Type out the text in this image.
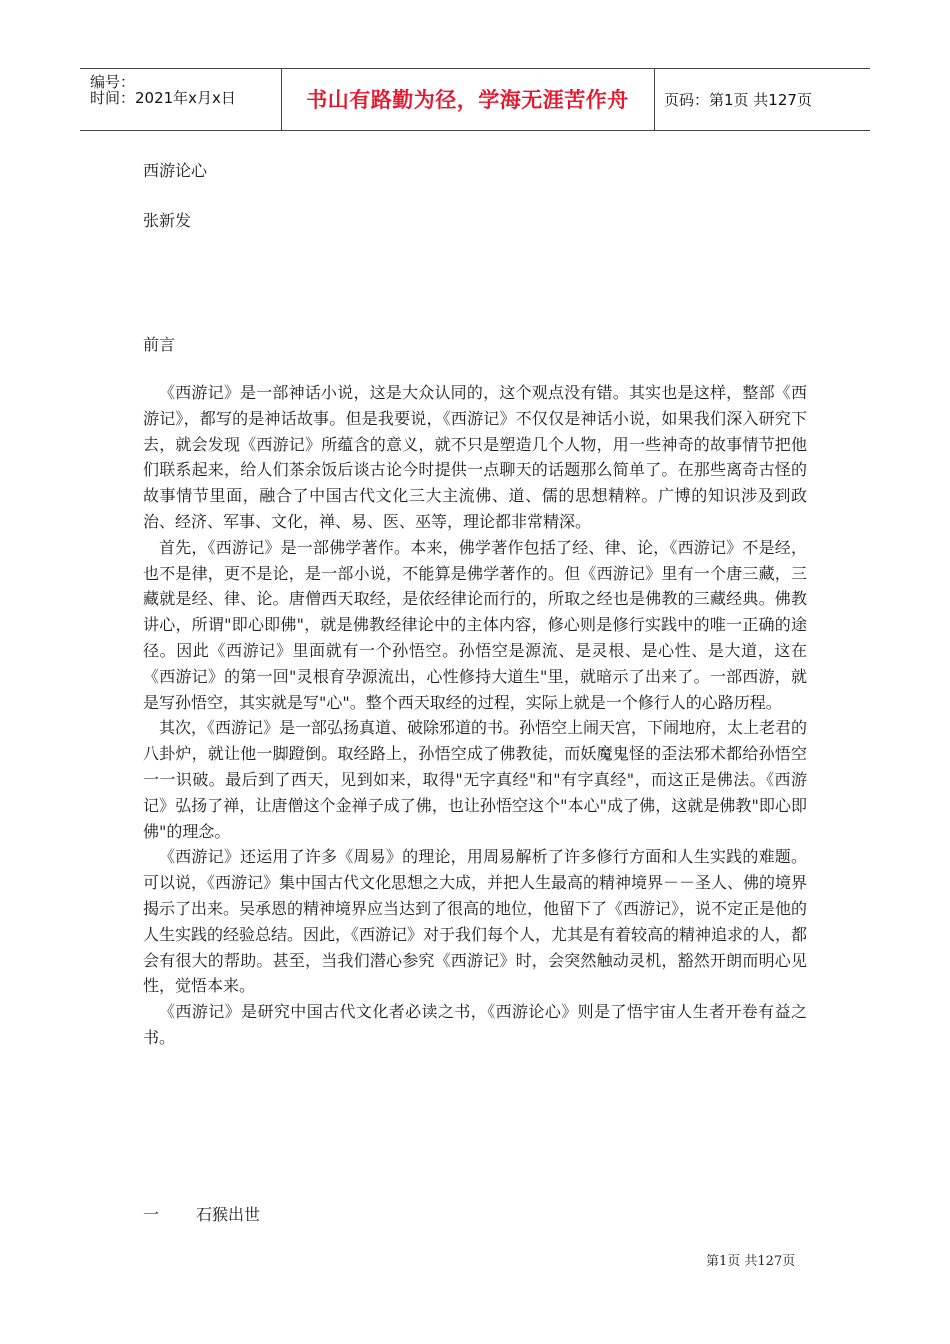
编号：
时间：2021年x月x日	书山有路勤为径，学海无涯苦作舟	页码：第1页 共127页
西游论心
张新发
前言

《西游记》是一部神话小说，这是大众认同的，这个观点没有错。其实也是这样，整部《西游记》，都写的是神话故事。但是我要说，《西游记》不仅仅是神话小说，如果我们深入研究下去，就会发现《西游记》所蕴含的意义，就不只是塑造几个人物，用一些神奇的故事情节把他们联系起来，给人们茶余饭后谈古论今时提供一点聊天的话题那么简单了。在那些离奇古怪的故事情节里面，融合了中国古代文化三大主流佛、道、儒的思想精粹。广博的知识涉及到政治、经济、军事、文化，禅、易、医、巫等，理论都非常精深。

首先，《西游记》是一部佛学著作。本来，佛学著作包括了经、律、论，《西游记》不是经，也不是律，更不是论，是一部小说，不能算是佛学著作的。但《西游记》里有一个唐三藏，三藏就是经、律、论。唐僧西天取经，是依经律论而行的，所取之经也是佛教的三藏经典。佛教讲心，所谓"即心即佛"，就是佛教经律论中的主体内容，修心则是修行实践中的唯一正确的途径。因此《西游记》里面就有一个孙悟空。孙悟空是源流、是灵根、是心性、是大道，这在《西游记》的第一回"灵根育孕源流出，心性修持大道生"里，就暗示了出来了。一部西游，就是写孙悟空，其实就是写"心"。整个西天取经的过程，实际上就是一个修行人的心路历程。

其次，《西游记》是一部弘扬真道、破除邪道的书。孙悟空上闹天宫，下闹地府，太上老君的八卦炉，就让他一脚蹬倒。取经路上，孙悟空成了佛教徒，而妖魔鬼怪的歪法邪术都给孙悟空一一识破。最后到了西天，见到如来，取得"无字真经"和"有字真经"，而这正是佛法。《西游记》弘扬了禅，让唐僧这个金禅子成了佛，也让孙悟空这个"本心"成了佛，这就是佛教"即心即佛"的理念。

《西游记》还运用了许多《周易》的理论，用周易解析了许多修行方面和人生实践的难题。可以说，《西游记》集中国古代文化思想之大成，并把人生最高的精神境界－－圣人、佛的境界揭示了出来。吴承恩的精神境界应当达到了很高的地位，他留下了《西游记》，说不定正是他的人生实践的经验总结。因此，《西游记》对于我们每个人，尤其是有着较高的精神追求的人，都会有很大的帮助。甚至，当我们潜心参究《西游记》时，会突然触动灵机，豁然开朗而明心见性，觉悟本来。

《西游记》是研究中国古代文化者必读之书，《西游论心》则是了悟宇宙人生者开卷有益之书。

一 石猴出世
第1页 共127页
